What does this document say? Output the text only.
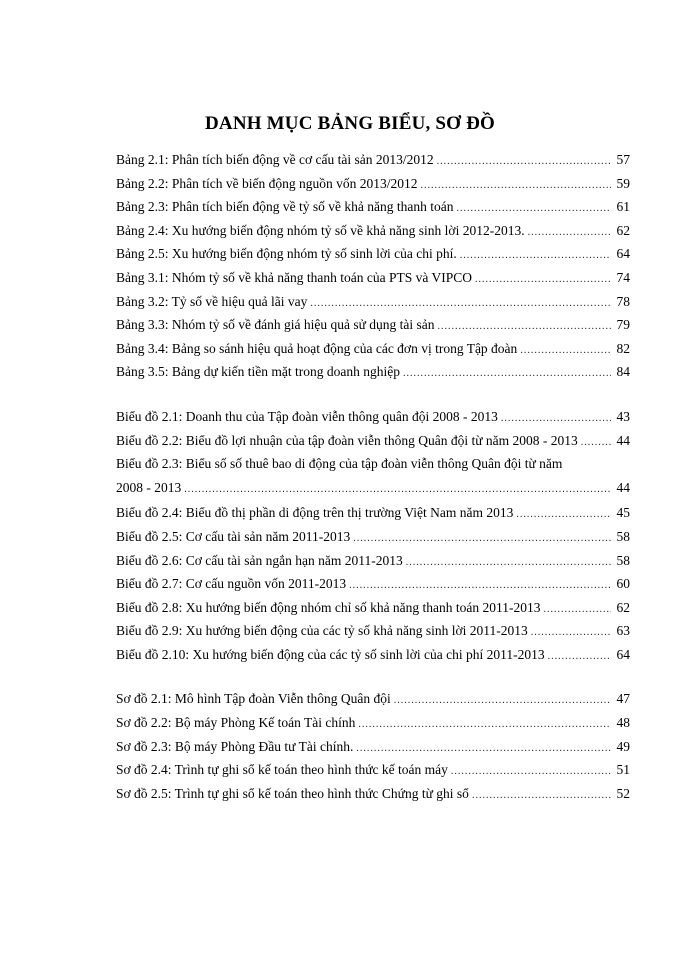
DANH MỤC BẢNG BIỂU, SƠ ĐỒ
Bảng 2.1: Phân tích biến động về cơ cấu tài sản 2013/2012 .....	57
Bảng 2.2: Phân tích về biến động nguồn vốn 2013/2012 .....	59
Bảng 2.3: Phân tích biến động về tỷ số về khả năng thanh toán .....	61
Bảng 2.4: Xu hướng biến động nhóm tỷ số về khả năng sinh lời 2012-2013. .....	62
Bảng 2.5: Xu hướng biến động nhóm tỷ số sinh lời của chi phí. .....	64
Bảng 3.1: Nhóm tỷ số về khả năng thanh toán của PTS và VIPCO .....	74
Bảng 3.2: Tỷ số về hiệu quả lãi vay .....	78
Bảng 3.3: Nhóm tỷ số về đánh giá hiệu quả sử dụng tài sản .....	79
Bảng 3.4: Bảng so sánh hiệu quả hoạt động của các đơn vị trong Tập đoàn .....	82
Bảng 3.5: Bảng dự kiến tiền mặt trong doanh nghiệp .....	84
Biểu đồ 2.1: Doanh thu của Tập đoàn viễn thông quân đội 2008 - 2013 .....	43
Biểu đồ 2.2: Biểu đồ lợi nhuận của tập đoàn viễn thông Quân đội từ năm 2008 - 2013 .....	44
Biểu đồ 2.3: Biểu số số thuê bao di động của tập đoàn viễn thông Quân đội từ năm
2008 - 2013 .....	44
Biểu đồ 2.4: Biểu đồ thị phần di động trên thị trường Việt Nam năm 2013 .....	45
Biểu đồ 2.5: Cơ cấu tài sản năm 2011-2013 .....	58
Biểu đồ 2.6: Cơ cấu tài sản ngắn hạn năm 2011-2013 .....	58
Biểu đồ 2.7: Cơ cấu nguồn vốn 2011-2013 .....	60
Biểu đồ 2.8: Xu hướng biến động nhóm chỉ số khả năng thanh toán 2011-2013 .....	62
Biểu đồ 2.9: Xu hướng biến động của các tỷ số khả năng sinh lời 2011-2013 .....	63
Biểu đồ 2.10: Xu hướng biến động của các tỷ số sinh lời của chi phí 2011-2013 .....	64
Sơ đồ 2.1: Mô hình Tập đoàn Viễn thông Quân đội .....	47
Sơ đồ 2.2: Bộ máy Phòng Kế toán Tài chính .....	48
Sơ đồ 2.3: Bộ máy Phòng Đầu tư Tài chính. .....	49
Sơ đồ 2.4: Trình tự ghi sổ kế toán theo hình thức kế toán máy .....	51
Sơ đồ 2.5: Trình tự ghi sổ kế toán theo hình thức Chứng từ ghi sổ .....	52
